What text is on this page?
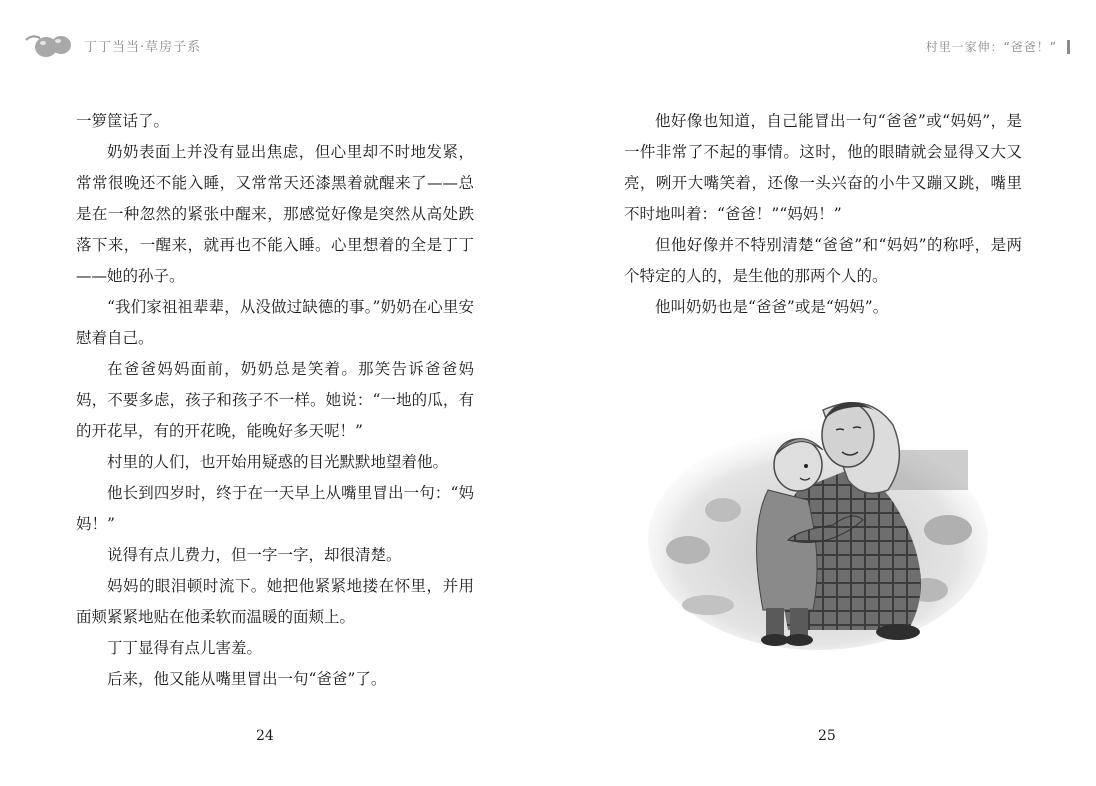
丁丁当当·草房子系

一箩筐话了。

奶奶表面上并没有显出焦虑，但心里却不时地发紧，常常很晚还不能入睡，又常常天还漆黑着就醒来了——总是在一种忽然的紧张中醒来，那感觉好像是突然从高处跌落下来，一醒来，就再也不能入睡。心里想着的全是丁丁——她的孙子。

“我们家祖祖辈辈，从没做过缺德的事。”奶奶在心里安慰着自己。

在爸爸妈妈面前，奶奶总是笑着。那笑告诉爸爸妈妈，不要多虑，孩子和孩子不一样。她说：“一地的瓜，有的开花早，有的开花晚，能晚好多天呢！”

村里的人们，也开始用疑惑的目光默默地望着他。

他长到四岁时，终于在一天早上从嘴里冒出一句：“妈妈！”

说得有点儿费力，但一字一字，却很清楚。

妈妈的眼泪顿时流下。她把他紧紧地搂在怀里，并用面颊紧紧地贴在他柔软而温暖的面颊上。

丁丁显得有点儿害羞。

后来，他又能从嘴里冒出一句“爸爸”了。

24
村里一家伸：“爸爸！”

他好像也知道，自己能冒出一句“爸爸”或“妈妈”，是一件非常了不起的事情。这时，他的眼睛就会显得又大又亮，咧开大嘴笑着，还像一头兴奋的小牛又蹦又跳，嘴里不时地叫着：“爸爸！”“妈妈！”

但他好像并不特别清楚“爸爸”和“妈妈”的称呼，是两个特定的人的，是生他的那两个人的。

他叫奶奶也是“爸爸”或是“妈妈”。

25
